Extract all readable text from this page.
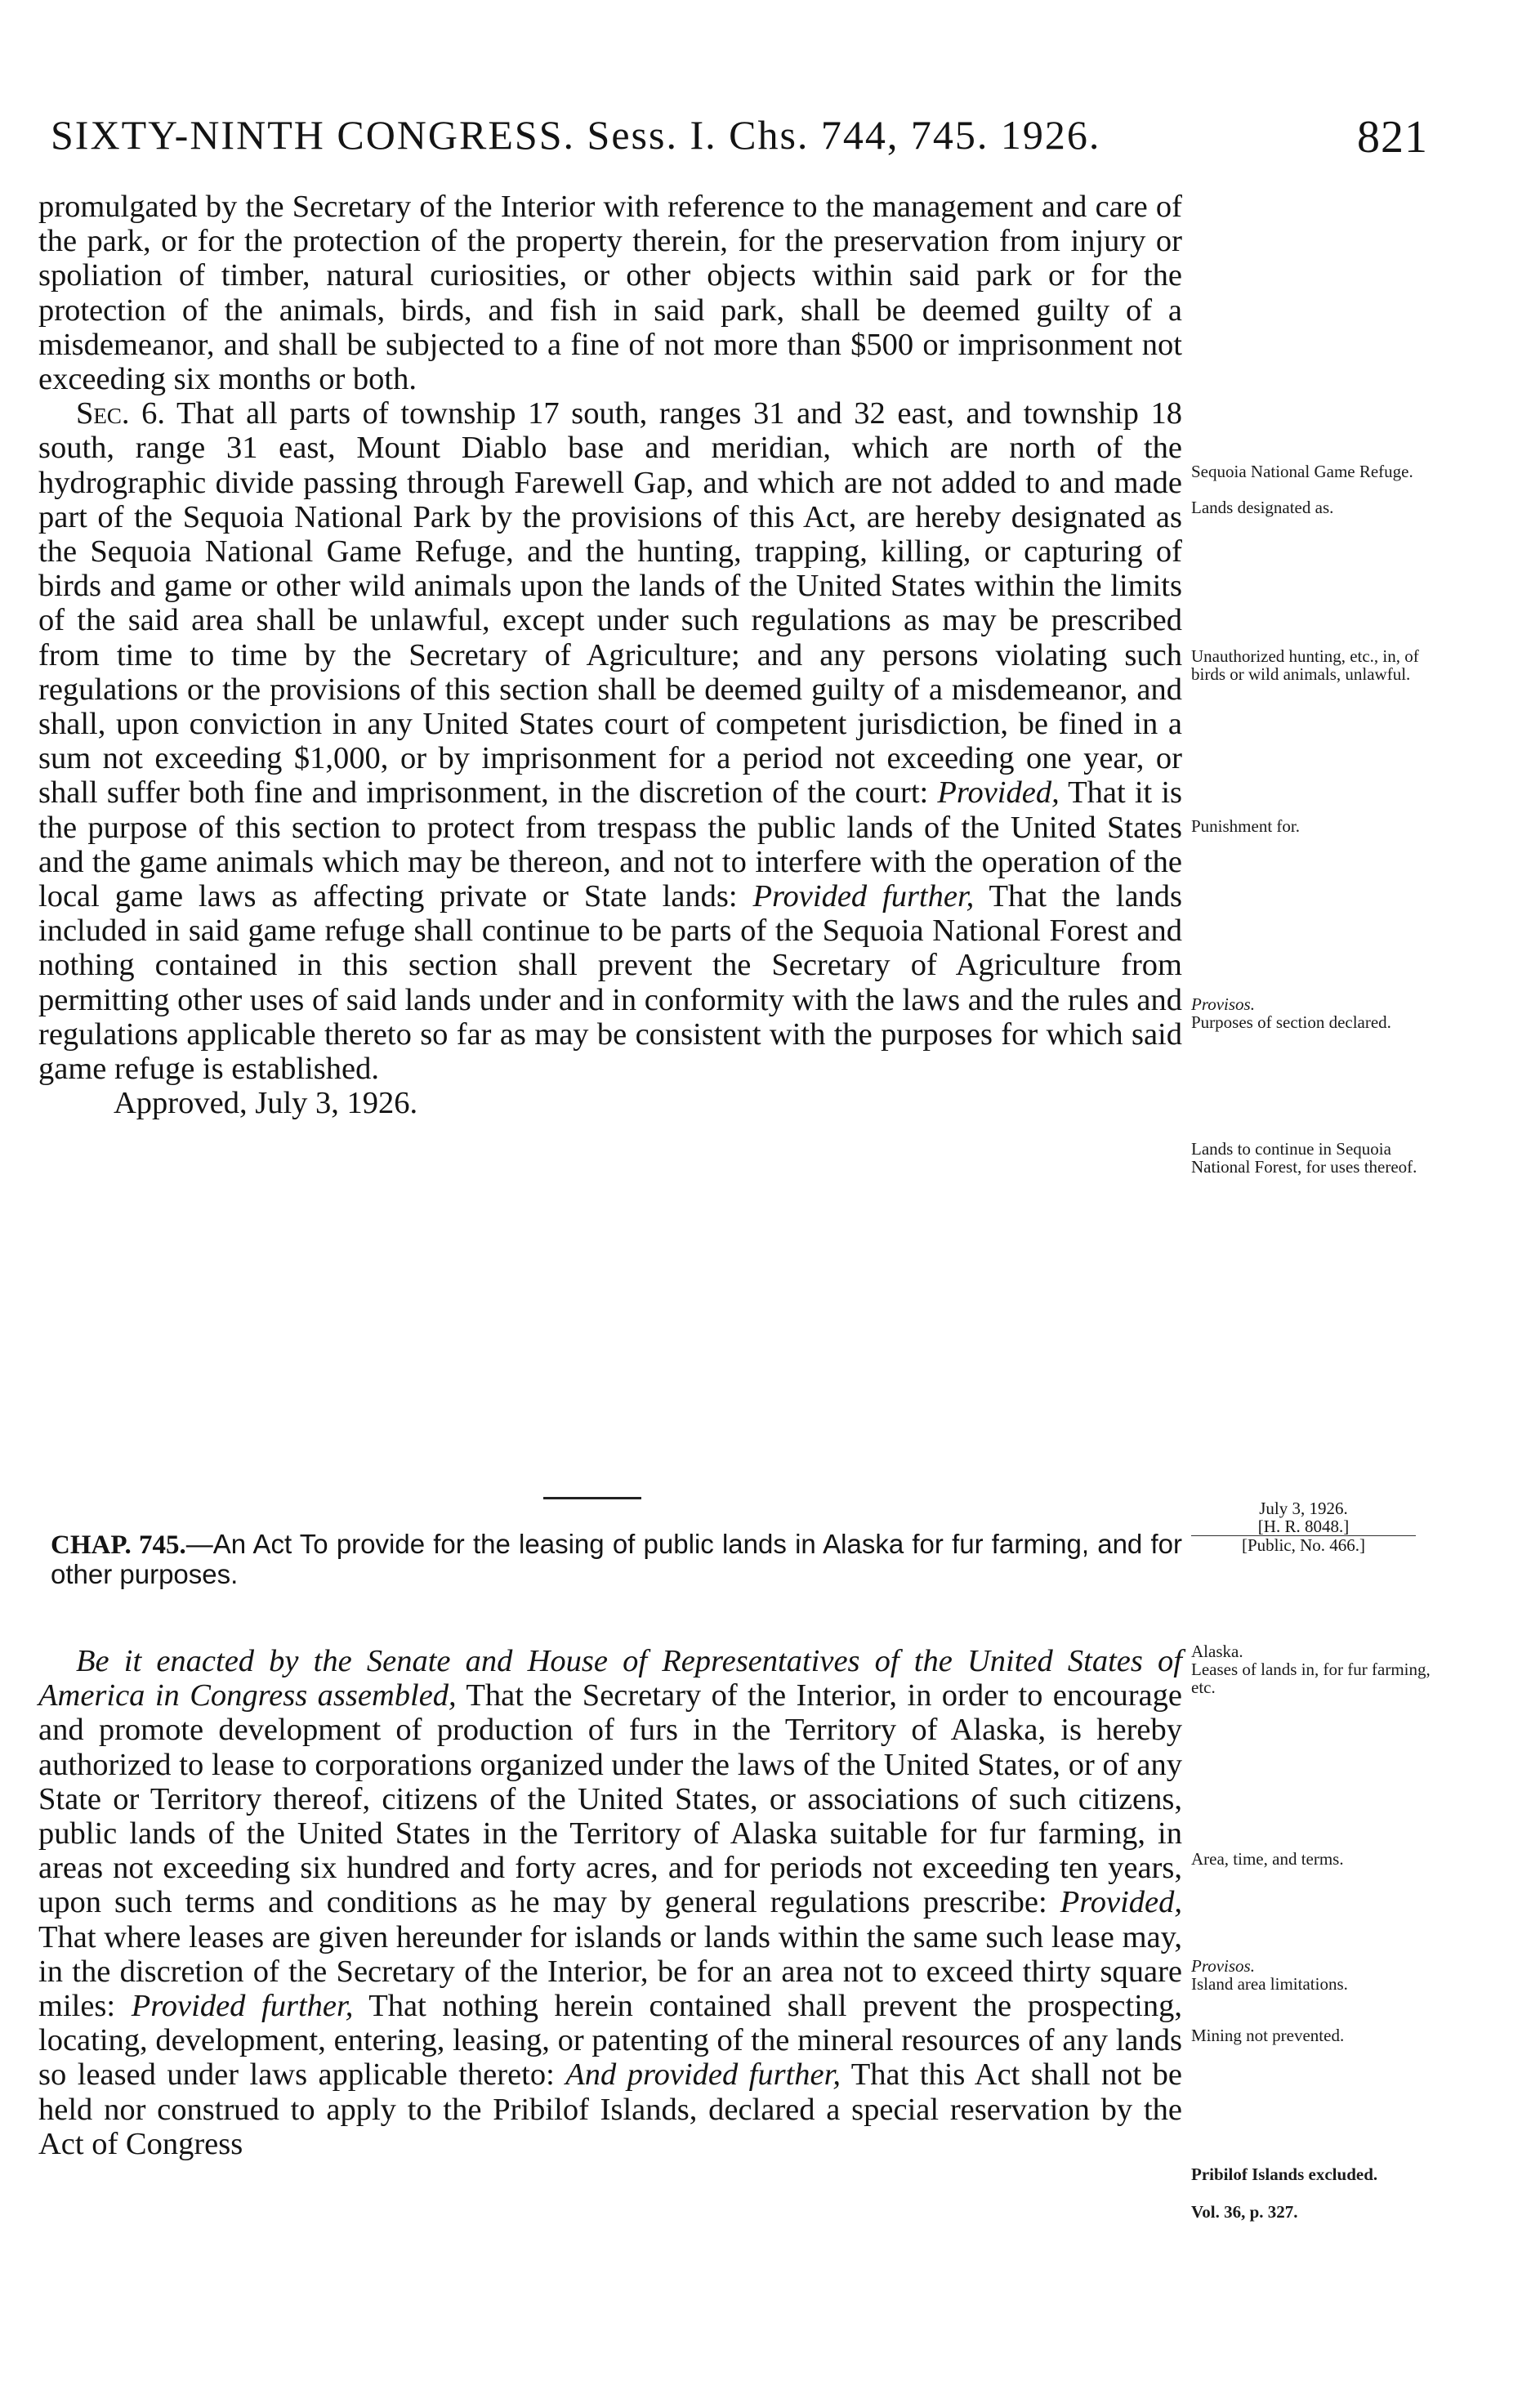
SIXTY-NINTH CONGRESS. Sess. I. Chs. 744, 745. 1926.	821
promulgated by the Secretary of the Interior with reference to the management and care of the park, or for the protection of the property therein, for the preservation from injury or spoliation of timber, natural curiosities, or other objects within said park or for the protection of the animals, birds, and fish in said park, shall be deemed guilty of a misdemeanor, and shall be subjected to a fine of not more than $500 or imprisonment not exceeding six months or both.
Sec. 6. That all parts of township 17 south, ranges 31 and 32 east, and township 18 south, range 31 east, Mount Diablo base and meridian, which are north of the hydrographic divide passing through Farewell Gap, and which are not added to and made part of the Sequoia National Park by the provisions of this Act, are hereby designated as the Sequoia National Game Refuge, and the hunting, trapping, killing, or capturing of birds and game or other wild animals upon the lands of the United States within the limits of the said area shall be unlawful, except under such regulations as may be prescribed from time to time by the Secretary of Agriculture; and any persons violating such regulations or the provisions of this section shall be deemed guilty of a misdemeanor, and shall, upon conviction in any United States court of competent jurisdiction, be fined in a sum not exceeding $1,000, or by imprisonment for a period not exceeding one year, or shall suffer both fine and imprisonment, in the discretion of the court: Provided, That it is the purpose of this section to protect from trespass the public lands of the United States and the game animals which may be thereon, and not to interfere with the operation of the local game laws as affecting private or State lands: Provided further, That the lands included in said game refuge shall continue to be parts of the Sequoia National Forest and nothing contained in this section shall prevent the Secretary of Agriculture from permitting other uses of said lands under and in conformity with the laws and the rules and regulations applicable thereto so far as may be consistent with the purposes for which said game refuge is established.
Approved, July 3, 1926.
Sequoia National Game Refuge.
Lands designated as.
Unauthorized hunting, etc., in, of birds or wild animals, unlawful.
Punishment for.
Provisos.
Purposes of section declared.
Lands to continue in Sequoia National Forest, for uses thereof.
July 3, 1926.
[H. R. 8048.]
[Public, No. 466.]
CHAP. 745.—An Act To provide for the leasing of public lands in Alaska for fur farming, and for other purposes.
Be it enacted by the Senate and House of Representatives of the United States of America in Congress assembled, That the Secretary of the Interior, in order to encourage and promote development of production of furs in the Territory of Alaska, is hereby authorized to lease to corporations organized under the laws of the United States, or of any State or Territory thereof, citizens of the United States, or associations of such citizens, public lands of the United States in the Territory of Alaska suitable for fur farming, in areas not exceeding six hundred and forty acres, and for periods not exceeding ten years, upon such terms and conditions as he may by general regulations prescribe: Provided, That where leases are given hereunder for islands or lands within the same such lease may, in the discretion of the Secretary of the Interior, be for an area not to exceed thirty square miles: Provided further, That nothing herein contained shall prevent the prospecting, locating, development, entering, leasing, or patenting of the mineral resources of any lands so leased under laws applicable thereto: And provided further, That this Act shall not be held nor construed to apply to the Pribilof Islands, declared a special reservation by the Act of Congress
Alaska.
Leases of lands in, for fur farming, etc.
Area, time, and terms.
Provisos.
Island area limitations.
Mining not prevented.
Pribilof Islands excluded.
Vol. 36, p. 327.
